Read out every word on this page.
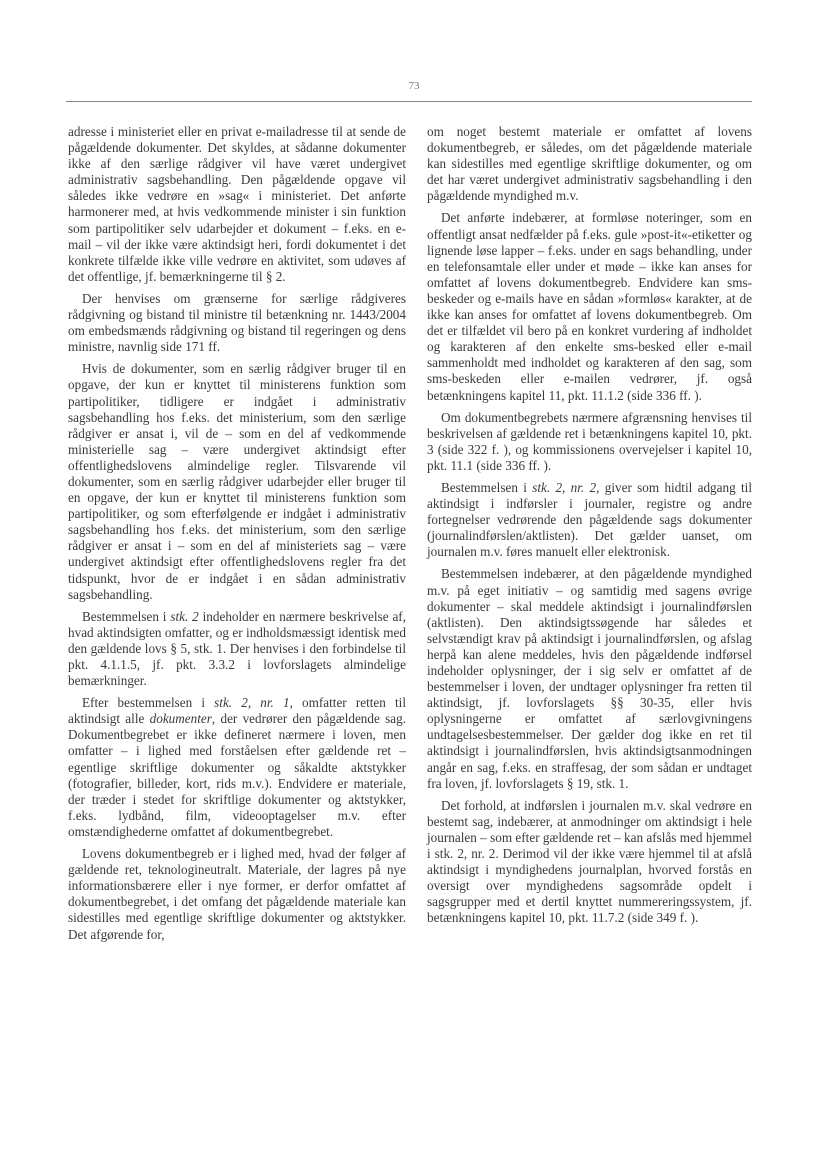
73

adresse i ministeriet eller en privat e-mailadresse til at sende de pågældende dokumenter. Det skyldes, at sådanne dokumenter ikke af den særlige rådgiver vil have været undergivet administrativ sagsbehandling. Den pågældende opgave vil således ikke vedrøre en »sag« i ministeriet. Det anførte harmonerer med, at hvis vedkommende minister i sin funktion som partipolitiker selv udarbejder et dokument – f.eks. en e-mail – vil der ikke være aktindsigt heri, fordi dokumentet i det konkrete tilfælde ikke ville vedrøre en aktivitet, som udøves af det offentlige, jf. bemærkningerne til § 2.

Der henvises om grænserne for særlige rådgiveres rådgivning og bistand til ministre til betænkning nr. 1443/2004 om embedsmænds rådgivning og bistand til regeringen og dens ministre, navnlig side 171 ff.

Hvis de dokumenter, som en særlig rådgiver bruger til en opgave, der kun er knyttet til ministerens funktion som partipolitiker, tidligere er indgået i administrativ sagsbehandling hos f.eks. det ministerium, som den særlige rådgiver er ansat i, vil de – som en del af vedkommende ministerielle sag – være undergivet aktindsigt efter offentlighedslovens almindelige regler. Tilsvarende vil dokumenter, som en særlig rådgiver udarbejder eller bruger til en opgave, der kun er knyttet til ministerens funktion som partipolitiker, og som efterfølgende er indgået i administrativ sagsbehandling hos f.eks. det ministerium, som den særlige rådgiver er ansat i – som en del af ministeriets sag – være undergivet aktindsigt efter offentlighedslovens regler fra det tidspunkt, hvor de er indgået i en sådan administrativ sagsbehandling.

Bestemmelsen i stk. 2 indeholder en nærmere beskrivelse af, hvad aktindsigten omfatter, og er indholdsmæssigt identisk med den gældende lovs § 5, stk. 1. Der henvises i den forbindelse til pkt. 4.1.1.5, jf. pkt. 3.3.2 i lovforslagets almindelige bemærkninger.

Efter bestemmelsen i stk. 2, nr. 1, omfatter retten til aktindsigt alle dokumenter, der vedrører den pågældende sag. Dokumentbegrebet er ikke defineret nærmere i loven, men omfatter – i lighed med forståelsen efter gældende ret – egentlige skriftlige dokumenter og såkaldte aktstykker (fotografier, billeder, kort, rids m.v.). Endvidere er materiale, der træder i stedet for skriftlige dokumenter og aktstykker, f.eks. lydbånd, film, videooptagelser m.v. efter omstændighederne omfattet af dokumentbegrebet.

Lovens dokumentbegreb er i lighed med, hvad der følger af gældende ret, teknologineutralt. Materiale, der lagres på nye informationsbærere eller i nye former, er derfor omfattet af dokumentbegrebet, i det omfang det pågældende materiale kan sidestilles med egentlige skriftlige dokumenter og aktstykker. Det afgørende for,

om noget bestemt materiale er omfattet af lovens dokumentbegreb, er således, om det pågældende materiale kan sidestilles med egentlige skriftlige dokumenter, og om det har været undergivet administrativ sagsbehandling i den pågældende myndighed m.v.

Det anførte indebærer, at formløse noteringer, som en offentligt ansat nedfælder på f.eks. gule »post-it«-etiketter og lignende løse lapper – f.eks. under en sags behandling, under en telefonsamtale eller under et møde – ikke kan anses for omfattet af lovens dokumentbegreb. Endvidere kan sms-beskeder og e-mails have en sådan »formløs« karakter, at de ikke kan anses for omfattet af lovens dokumentbegreb. Om det er tilfældet vil bero på en konkret vurdering af indholdet og karakteren af den enkelte sms-besked eller e-mail sammenholdt med indholdet og karakteren af den sag, som sms-beskeden eller e-mailen vedrører, jf. også betænkningens kapitel 11, pkt. 11.1.2 (side 336 ff. ).

Om dokumentbegrebets nærmere afgrænsning henvises til beskrivelsen af gældende ret i betænkningens kapitel 10, pkt. 3 (side 322 f. ), og kommissionens overvejelser i kapitel 10, pkt. 11.1 (side 336 ff. ).

Bestemmelsen i stk. 2, nr. 2, giver som hidtil adgang til aktindsigt i indførsler i journaler, registre og andre fortegnelser vedrørende den pågældende sags dokumenter (journalindførslen/aktlisten). Det gælder uanset, om journalen m.v. føres manuelt eller elektronisk.

Bestemmelsen indebærer, at den pågældende myndighed m.v. på eget initiativ – og samtidig med sagens øvrige dokumenter – skal meddele aktindsigt i journalindførslen (aktlisten). Den aktindsigtssøgende har således et selvstændigt krav på aktindsigt i journalindførslen, og afslag herpå kan alene meddeles, hvis den pågældende indførsel indeholder oplysninger, der i sig selv er omfattet af de bestemmelser i loven, der undtager oplysninger fra retten til aktindsigt, jf. lovforslagets §§ 30-35, eller hvis oplysningerne er omfattet af særlovgivningens undtagelsesbestemmelser. Der gælder dog ikke en ret til aktindsigt i journalindførslen, hvis aktindsigtsanmodningen angår en sag, f.eks. en straffesag, der som sådan er undtaget fra loven, jf. lovforslagets § 19, stk. 1.

Det forhold, at indførslen i journalen m.v. skal vedrøre en bestemt sag, indebærer, at anmodninger om aktindsigt i hele journalen – som efter gældende ret – kan afslås med hjemmel i stk. 2, nr. 2. Derimod vil der ikke være hjemmel til at afslå aktindsigt i myndighedens journalplan, hvorved forstås en oversigt over myndighedens sagsområde opdelt i sagsgrupper med et dertil knyttet nummereringssystem, jf. betænkningens kapitel 10, pkt. 11.7.2 (side 349 f. ).
